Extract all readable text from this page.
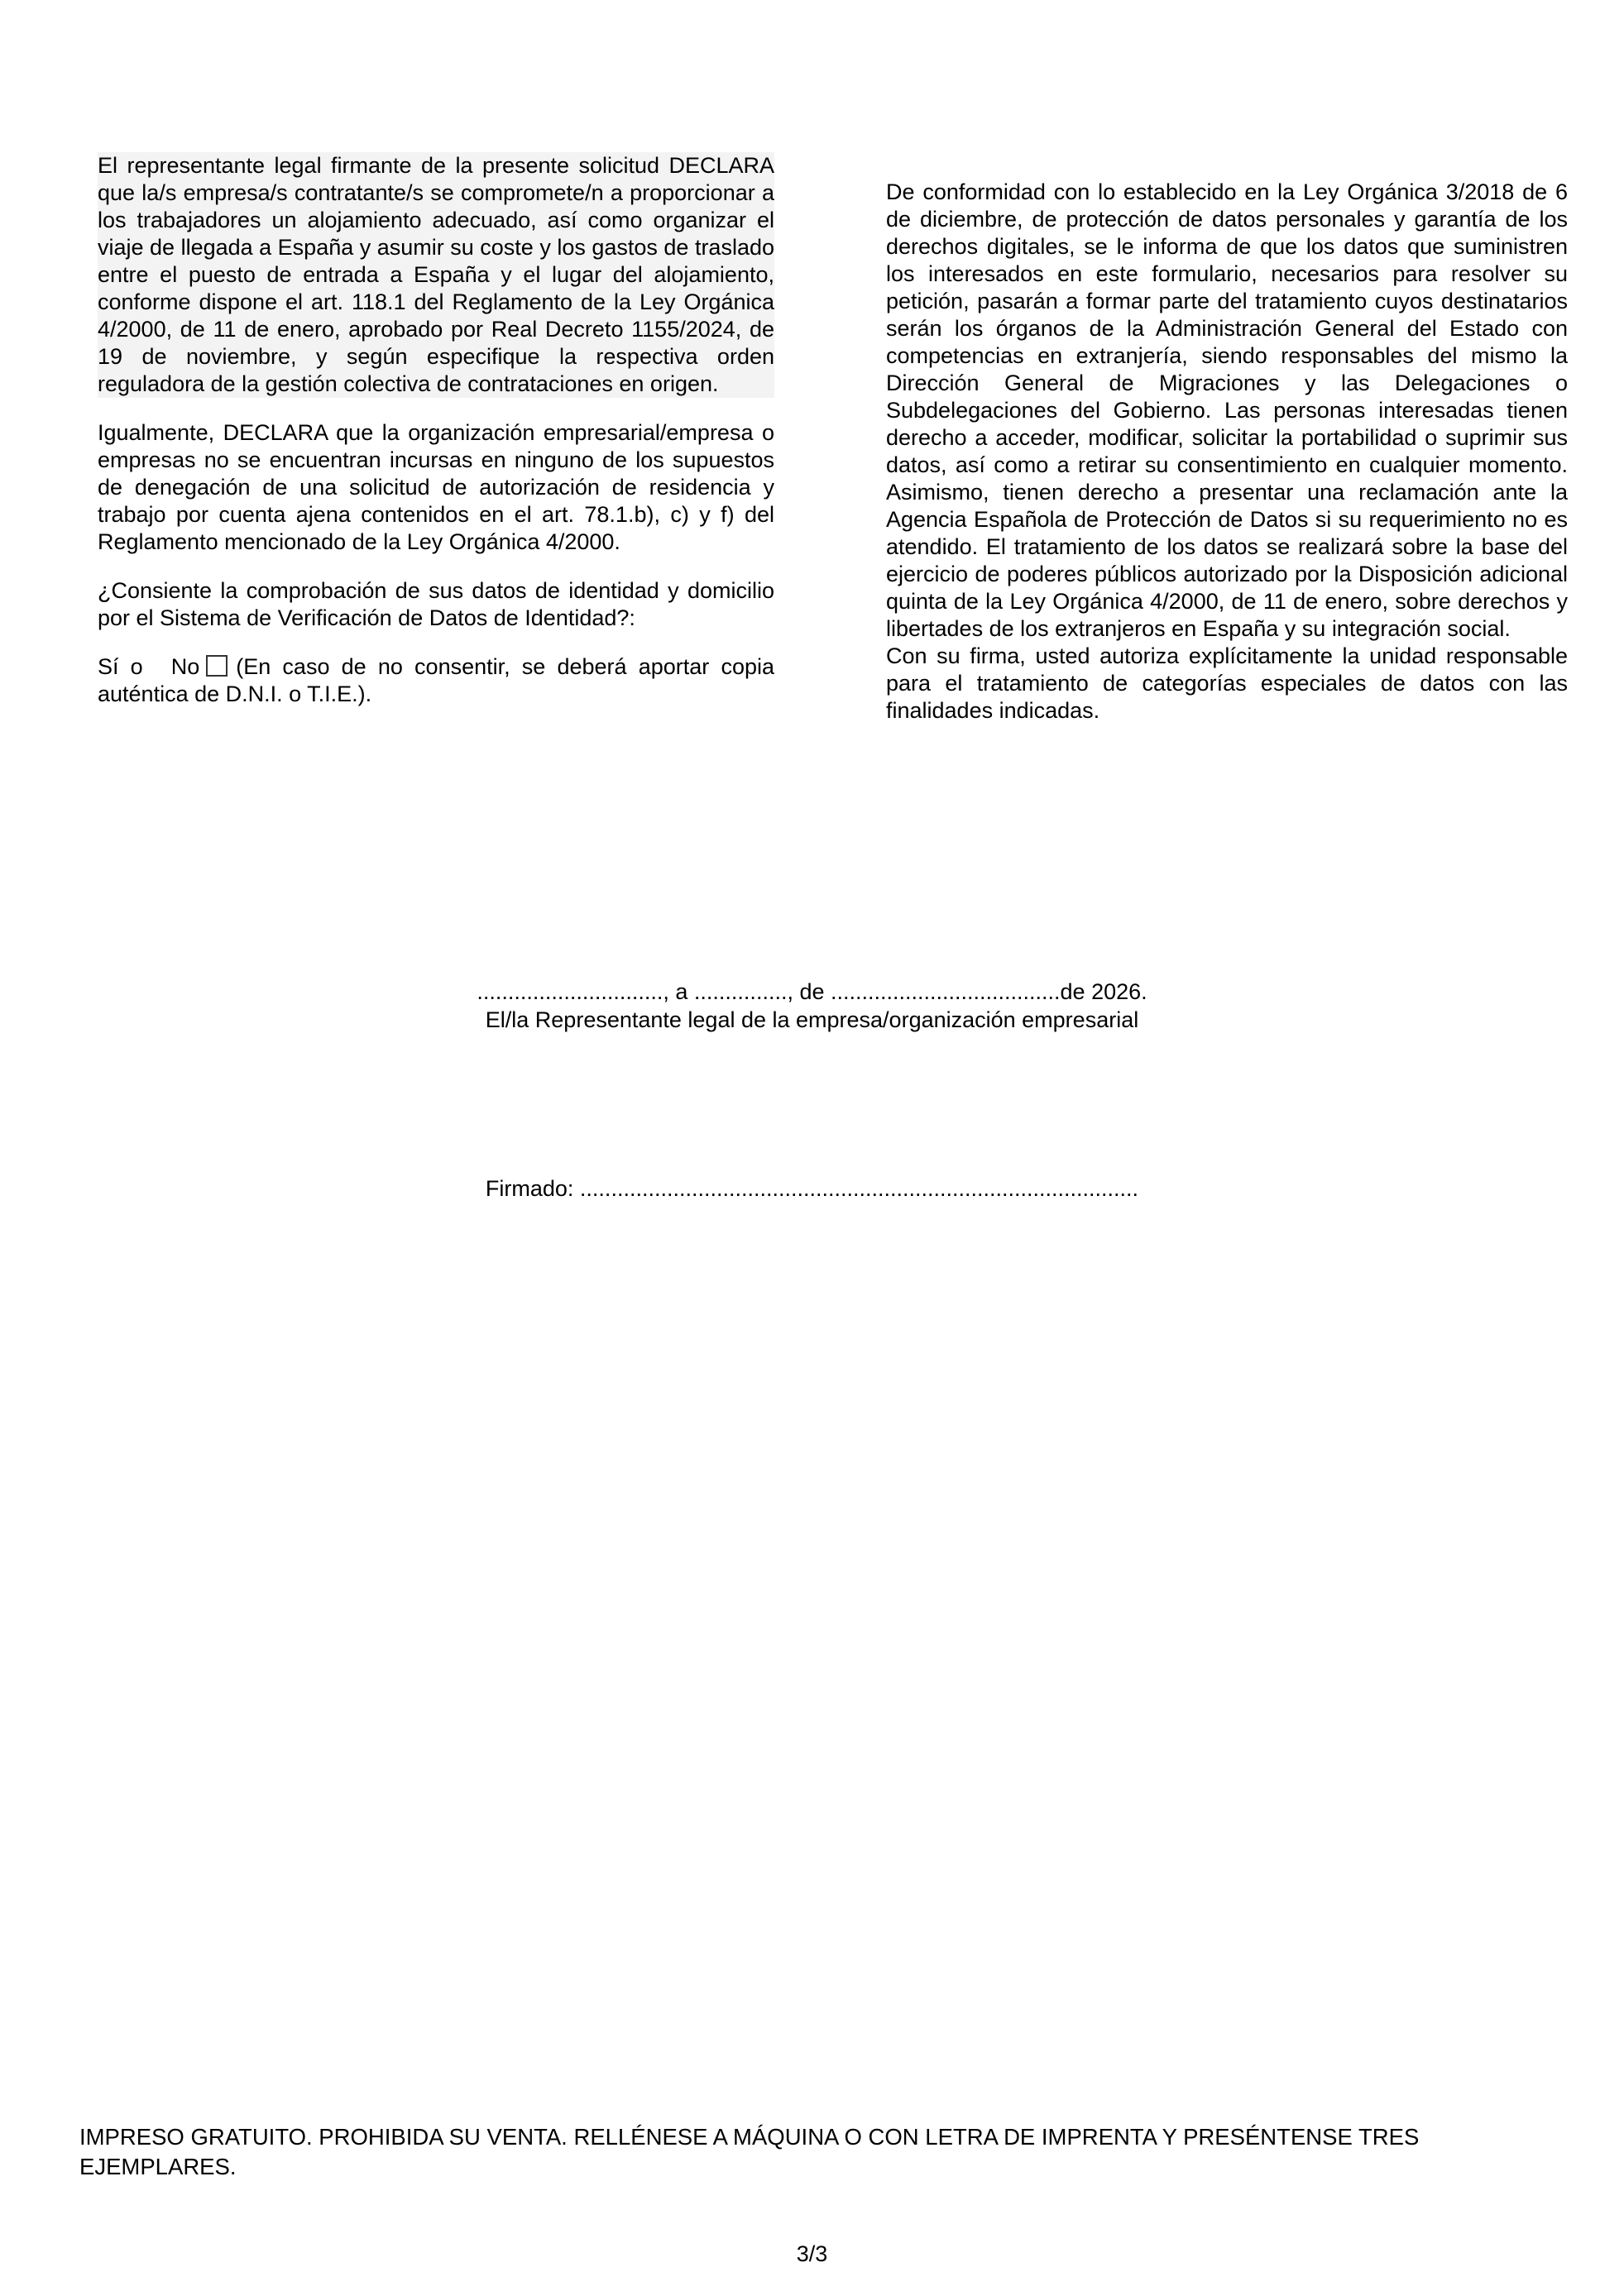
El representante legal firmante de la presente solicitud DECLARA que la/s empresa/s contratante/s se compromete/n a proporcionar a los trabajadores un alojamiento adecuado, así como organizar el viaje de llegada a España y asumir su coste y los gastos de traslado entre el puesto de entrada a España y el lugar del alojamiento, conforme dispone el art. 118.1 del Reglamento de la Ley Orgánica 4/2000, de 11 de enero, aprobado por Real Decreto 1155/2024, de 19 de noviembre, y según especifique la respectiva orden reguladora de la gestión colectiva de contrataciones en origen.

Igualmente, DECLARA que la organización empresarial/empresa o empresas no se encuentran incursas en ninguno de los supuestos de denegación de una solicitud de autorización de residencia y trabajo por cuenta ajena contenidos en el art. 78.1.b), c) y f) del Reglamento mencionado de la Ley Orgánica 4/2000.

¿Consiente la comprobación de sus datos de identidad y domicilio por el Sistema de Verificación de Datos de Identidad?:

Sí o No (En caso de no consentir, se deberá aportar copia auténtica de D.N.I. o T.I.E.).

De conformidad con lo establecido en la Ley Orgánica 3/2018 de 6 de diciembre, de protección de datos personales y garantía de los derechos digitales, se le informa de que los datos que suministren los interesados en este formulario, necesarios para resolver su petición, pasarán a formar parte del tratamiento cuyos destinatarios serán los órganos de la Administración General del Estado con competencias en extranjería, siendo responsables del mismo la Dirección General de Migraciones y las Delegaciones o Subdelegaciones del Gobierno. Las personas interesadas tienen derecho a acceder, modificar, solicitar la portabilidad o suprimir sus datos, así como a retirar su consentimiento en cualquier momento. Asimismo, tienen derecho a presentar una reclamación ante la Agencia Española de Protección de Datos si su requerimiento no es atendido. El tratamiento de los datos se realizará sobre la base del ejercicio de poderes públicos autorizado por la Disposición adicional quinta de la Ley Orgánica 4/2000, de 11 de enero, sobre derechos y libertades de los extranjeros en España y su integración social.

Con su firma, usted autoriza explícitamente la unidad responsable para el tratamiento de categorías especiales de datos con las finalidades indicadas.

.............................., a ..............., de .....................................de 2026.
El/la Representante legal de la empresa/organización empresarial
Firmado: ..........................................................................................
IMPRESO GRATUITO. PROHIBIDA SU VENTA. RELLÉNESE A MÁQUINA O CON LETRA DE IMPRENTA Y PRESÉNTENSE TRES EJEMPLARES.
3/3
